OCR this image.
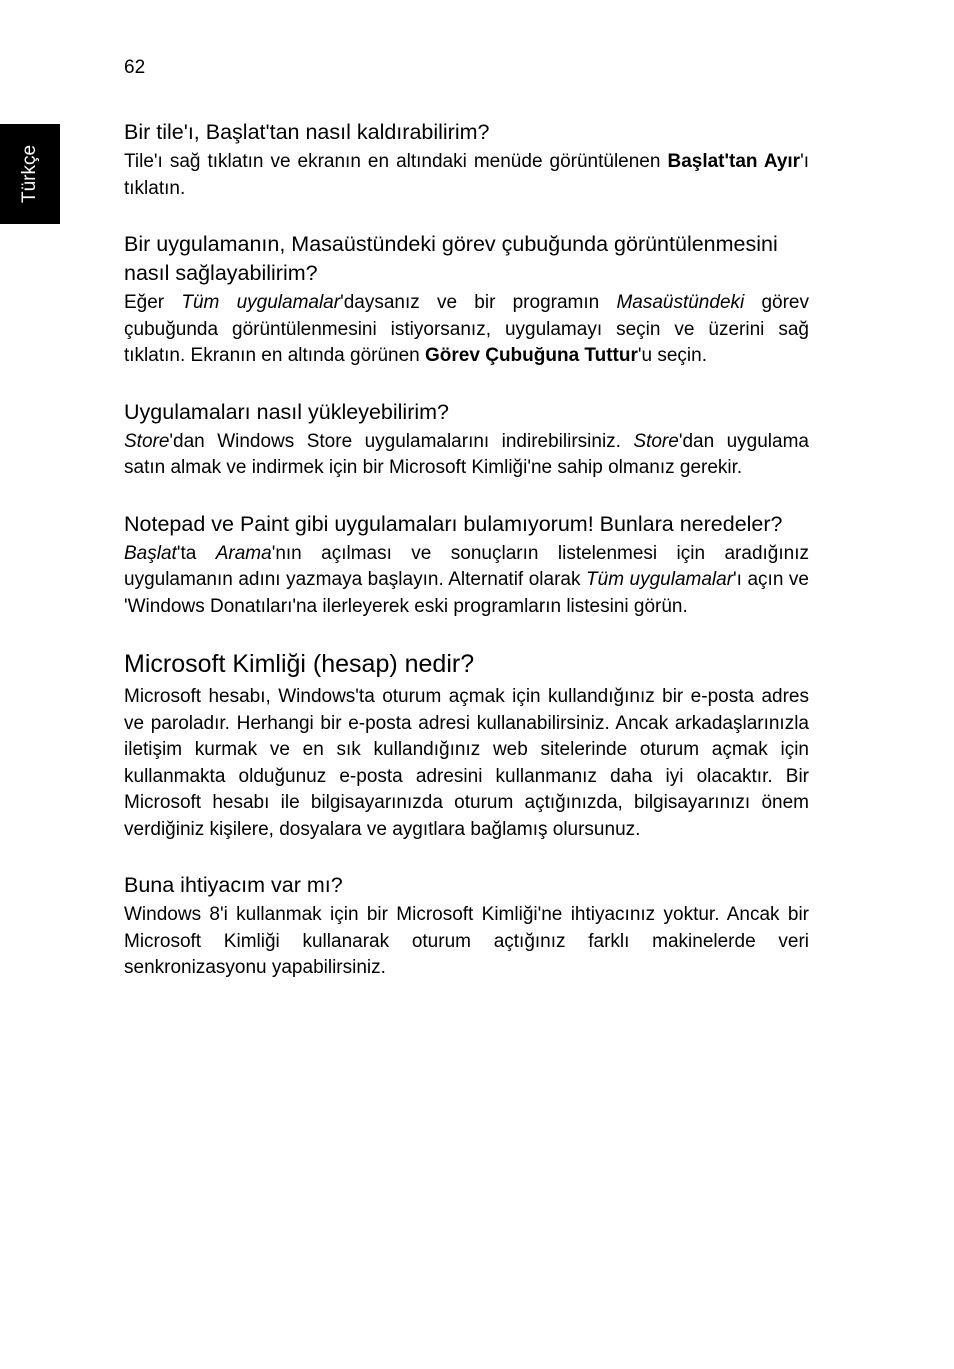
62
Türkçe
Bir tile'ı, Başlat'tan nasıl kaldırabilirim?

Tile'ı sağ tıklatın ve ekranın en altındaki menüde görüntülenen Başlat'tan Ayır'ı tıklatın.

Bir uygulamanın, Masaüstündeki görev çubuğunda görüntülenmesini nasıl sağlayabilirim?

Eğer Tüm uygulamalar'daysanız ve bir programın Masaüstündeki görev çubuğunda görüntülenmesini istiyorsanız, uygulamayı seçin ve üzerini sağ tıklatın. Ekranın en altında görünen Görev Çubuğuna Tuttur'u seçin.

Uygulamaları nasıl yükleyebilirim?

Store'dan Windows Store uygulamalarını indirebilirsiniz. Store'dan uygulama satın almak ve indirmek için bir Microsoft Kimliği'ne sahip olmanız gerekir.

Notepad ve Paint gibi uygulamaları bulamıyorum! Bunlara neredeler?

Başlat'ta Arama'nın açılması ve sonuçların listelenmesi için aradığınız uygulamanın adını yazmaya başlayın. Alternatif olarak Tüm uygulamalar'ı açın ve 'Windows Donatıları'na ilerleyerek eski programların listesini görün.

Microsoft Kimliği (hesap) nedir?

Microsoft hesabı, Windows'ta oturum açmak için kullandığınız bir e-posta adres ve paroladır. Herhangi bir e-posta adresi kullanabilirsiniz. Ancak arkadaşlarınızla iletişim kurmak ve en sık kullandığınız web sitelerinde oturum açmak için kullanmakta olduğunuz e-posta adresini kullanmanız daha iyi olacaktır. Bir Microsoft hesabı ile bilgisayarınızda oturum açtığınızda, bilgisayarınızı önem verdiğiniz kişilere, dosyalara ve aygıtlara bağlamış olursunuz.

Buna ihtiyacım var mı?

Windows 8'i kullanmak için bir Microsoft Kimliği'ne ihtiyacınız yoktur. Ancak bir Microsoft Kimliği kullanarak oturum açtığınız farklı makinelerde veri senkronizasyonu yapabilirsiniz.
